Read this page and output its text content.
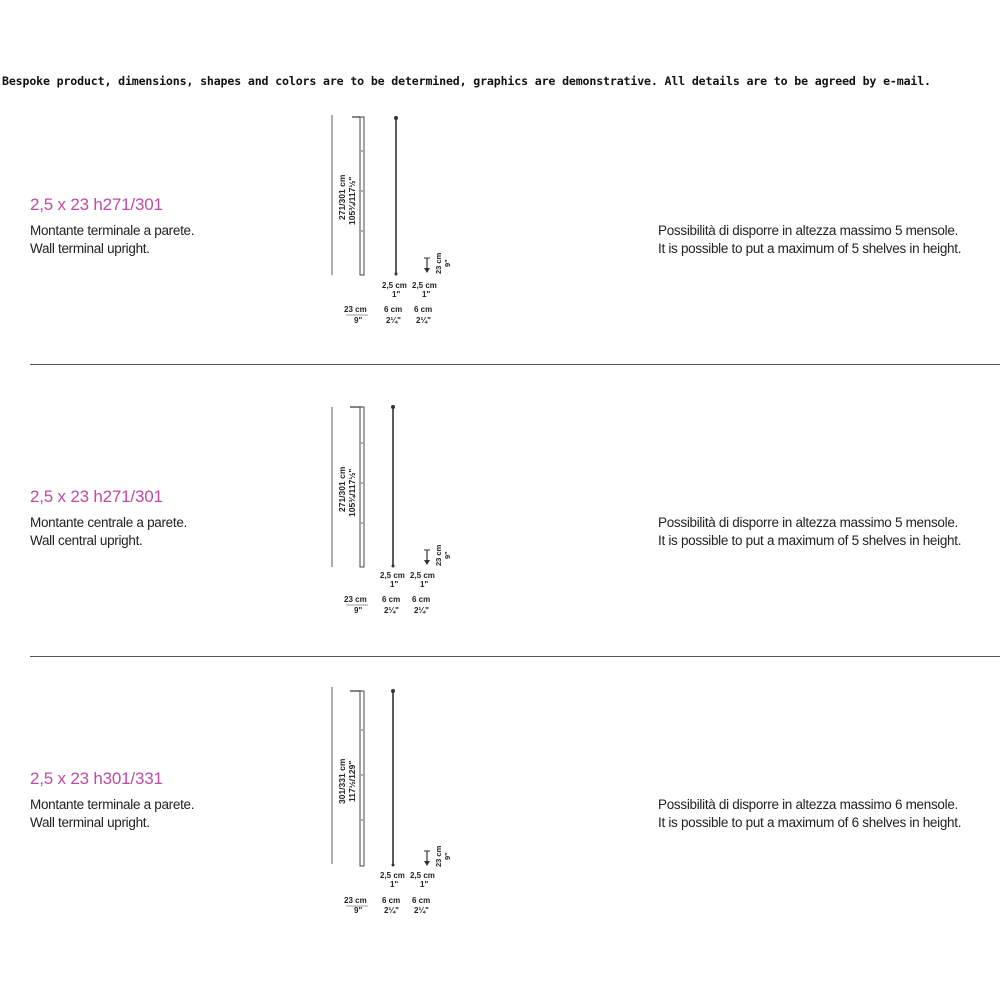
Bespoke product, dimensions, shapes and colors are to be determined, graphics are demonstrative. All details are to be agreed by e-mail.
2,5 x 23 h271/301
Montante terminale a parete.
Wall terminal upright.
Possibilità di disporre in altezza massimo 5 mensole.
It is possible to put a maximum of 5 shelves in height.
271/301 cm 105¾/117½"
23 cm 9"
2,5 cm
1"
2,5 cm
1"
23 cm
9"
6 cm
2¼"
6 cm
2¼"
2,5 x 23 h271/301
Montante centrale a parete.
Wall central upright.
Possibilità di disporre in altezza massimo 5 mensole.
It is possible to put a maximum of 5 shelves in height.
271/301 cm 105¾/117½"
23 cm 9"
2,5 cm
1"
2,5 cm
1"
23 cm
9"
6 cm
2¼"
6 cm
2¼"
2,5 x 23 h301/331
Montante terminale a parete.
Wall terminal upright.
Possibilità di disporre in altezza massimo 6 mensole.
It is possible to put a maximum of 6 shelves in height.
301/331 cm 117½/129"
23 cm 9"
2,5 cm
1"
2,5 cm
1"
23 cm
9"
6 cm
2¼"
6 cm
2¼"
